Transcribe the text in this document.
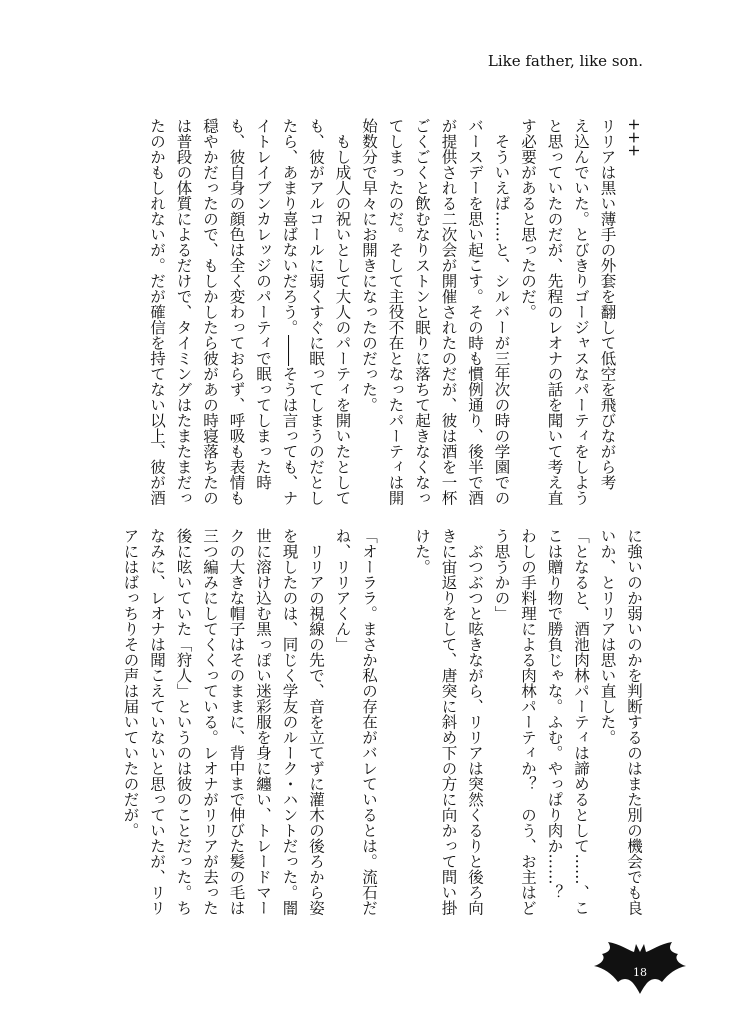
Like father, like son.
+++
リリアは黒い薄手の外套を翻して低空を飛びながら考
え込んでいた。とびきりゴージャスなパーティをしよう
と思っていたのだが、先程のレオナの話を聞いて考え直
す必要があると思ったのだ。
　そういえば……と、シルバーが三年次の時の学園での
バースデーを思い起こす。その時も慣例通り、後半で酒
が提供される二次会が開催されたのだが、彼は酒を一杯
ごくごくと飲むなりストンと眠りに落ちて起きなくなっ
てしまったのだ。そして主役不在となったパーティは開
始数分で早々にお開きになったのだった。
　もし成人の祝いとして大人のパーティを開いたとして
も、彼がアルコールに弱くすぐに眠ってしまうのだとし
たら、あまり喜ばないだろう。――そうは言っても、ナ
イトレイブンカレッジのパーティで眠ってしまった時
も、彼自身の顔色は全く変わっておらず、呼吸も表情も
穏やかだったので、もしかしたら彼があの時寝落ちたの
は普段の体質によるだけで、タイミングはたまたまだっ
たのかもしれないが。だが確信を持てない以上、彼が酒
に強いのか弱いのかを判断するのはまた別の機会でも良
いか、とリリアは思い直した。
「となると、酒池肉林パーティは諦めるとして……、こ
こは贈り物で勝負じゃな。ふむ。やっぱり肉か……？
わしの手料理による肉林パーティか？　のう、お主はど
う思うかの」
　ぶつぶつと呟きながら、リリアは突然くるりと後ろ向
きに宙返りをして、唐突に斜め下の方に向かって問い掛
けた。
「オーララ。まさか私の存在がバレているとは。流石だ
ね、リリアくん」
　リリアの視線の先で、音を立てずに灌木の後ろから姿
を現したのは、同じく学友のルーク・ハントだった。闇
世に溶け込む黒っぽい迷彩服を身に纏い、トレードマー
クの大きな帽子はそのままに、背中まで伸びた髪の毛は
三つ編みにしてくくっている。レオナがリリアが去った
後に呟いていた「狩人」というのは彼のことだった。ち
なみに、レオナは聞こえていないと思っていたが、リリ
アにはばっちりその声は届いていたのだが。
18
